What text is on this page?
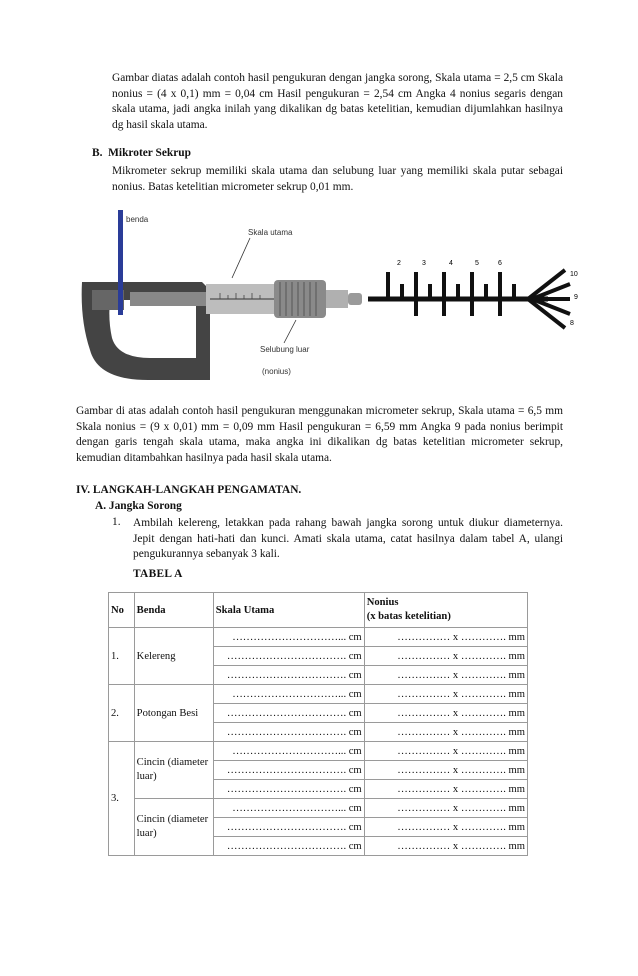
Gambar diatas adalah contoh hasil pengukuran dengan jangka sorong, Skala utama = 2,5 cm Skala nonius = (4 x 0,1) mm = 0,04 cm Hasil pengukuran = 2,54 cm Angka 4 nonius segaris dengan skala utama, jadi angka inilah yang dikalikan dg batas ketelitian, kemudian dijumlahkan hasilnya dg hasil skala utama.
B. Mikroter Sekrup
Mikrometer sekrup memiliki skala utama dan selubung luar yang memiliki skala putar sebagai nonius. Batas ketelitian micrometer sekrup 0,01 mm.
benda
Skala utama
Selubung luar
(nonius)
2	3	4	5	6
10
9
8
Gambar di atas adalah contoh hasil pengukuran menggunakan micrometer sekrup, Skala utama = 6,5 mm Skala nonius = (9 x 0,01) mm = 0,09 mm Hasil pengukuran = 6,59 mm Angka 9 pada nonius berimpit dengan garis tengah skala utama, maka angka ini dikalikan dg batas ketelitian micrometer sekrup, kemudian ditambahkan hasilnya pada hasil skala utama.
IV. LANGKAH-LANGKAH PENGAMATAN.
A. Jangka Sorong
1. Ambilah kelereng, letakkan pada rahang bawah jangka sorong untuk diukur diameternya. Jepit dengan hati-hati dan kunci. Amati skala utama, catat hasilnya dalam tabel A, ulangi pengukurannya sebanyak 3 kali.
TABEL A
No	Benda	Skala Utama	Nonius
(x batas ketelitian)
1.	Kelereng	…………………………... cm	…………… x …………. mm
		……………………………. cm	…………… x …………. mm
		……………………………. cm	…………… x …………. mm
2.	Potongan Besi	…………………………... cm	…………… x …………. mm
		……………………………. cm	…………… x …………. mm
		……………………………. cm	…………… x …………. mm
3.	Cincin (diameter luar)	…………………………... cm	…………… x …………. mm
		……………………………. cm	…………… x …………. mm
		……………………………. cm	…………… x …………. mm
	Cincin (diameter luar)	…………………………... cm	…………… x …………. mm
		……………………………. cm	…………… x …………. mm
		……………………………. cm	…………… x …………. mm
